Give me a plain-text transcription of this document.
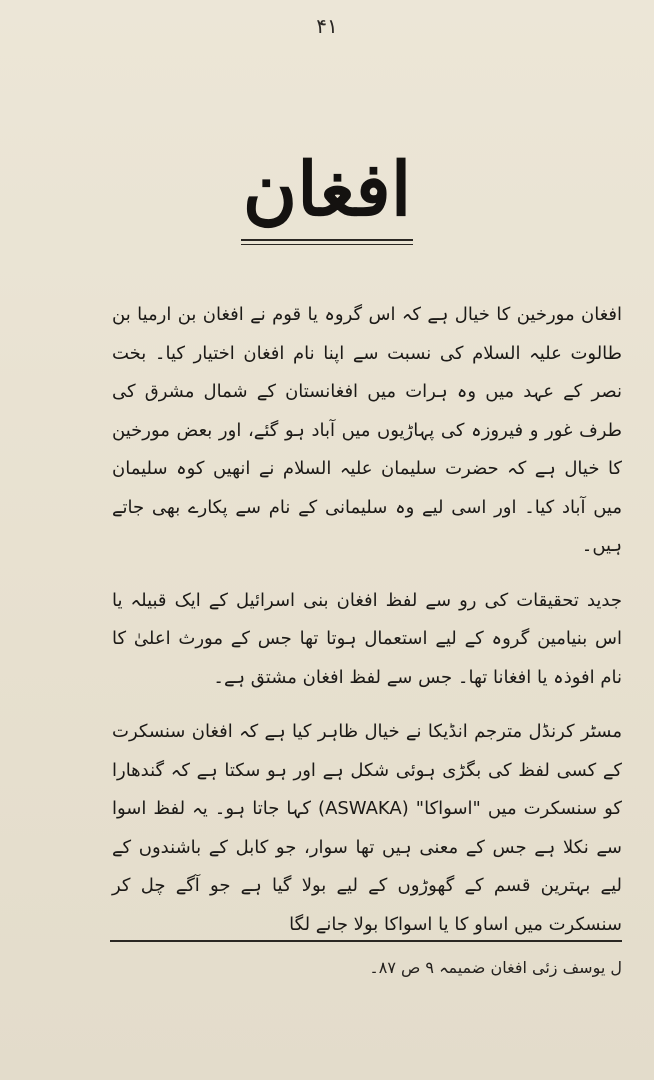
۴۱
افغان

افغان مورخین کا خیال ہے کہ اس گروہ یا قوم نے افغان بن ارمیا بن طالوت علیہ السلام کی نسبت سے اپنا نام افغان اختیار کیا۔ بخت نصر کے عہد میں وہ ہرات میں افغانستان کے شمال مشرق کی طرف غور و فیروزہ کی پہاڑیوں میں آباد ہو گئے، اور بعض مورخین کا خیال ہے کہ حضرت سلیمان علیہ السلام نے انھیں کوہ سلیمان میں آباد کیا۔ اور اسی لیے وہ سلیمانی کے نام سے پکارے بھی جاتے ہیں۔

جدید تحقیقات کی رو سے لفظ افغان بنی اسرائیل کے ایک قبیلہ یا اس بنیامین گروہ کے لیے استعمال ہوتا تھا جس کے مورث اعلیٰ کا نام افوذہ یا افغانا تھا۔ جس سے لفظ افغان مشتق ہے۔

مسٹر کرنڈل مترجم انڈیکا نے خیال ظاہر کیا ہے کہ افغان سنسکرت کے کسی لفظ کی بگڑی ہوئی شکل ہے اور ہو سکتا ہے کہ گندھارا کو سنسکرت میں "اسواکا" (ASWAKA) کہا جاتا ہو۔ یہ لفظ اسوا سے نکلا ہے جس کے معنی ہیں تھا سوار، جو کابل کے باشندوں کے لیے بہترین قسم کے گھوڑوں کے لیے بولا گیا ہے جو آگے چل کر سنسکرت میں اساو کا یا اسواکا بولا جانے لگا

ل یوسف زئی افغان ضمیمہ ۹ ص ۸۷۔
